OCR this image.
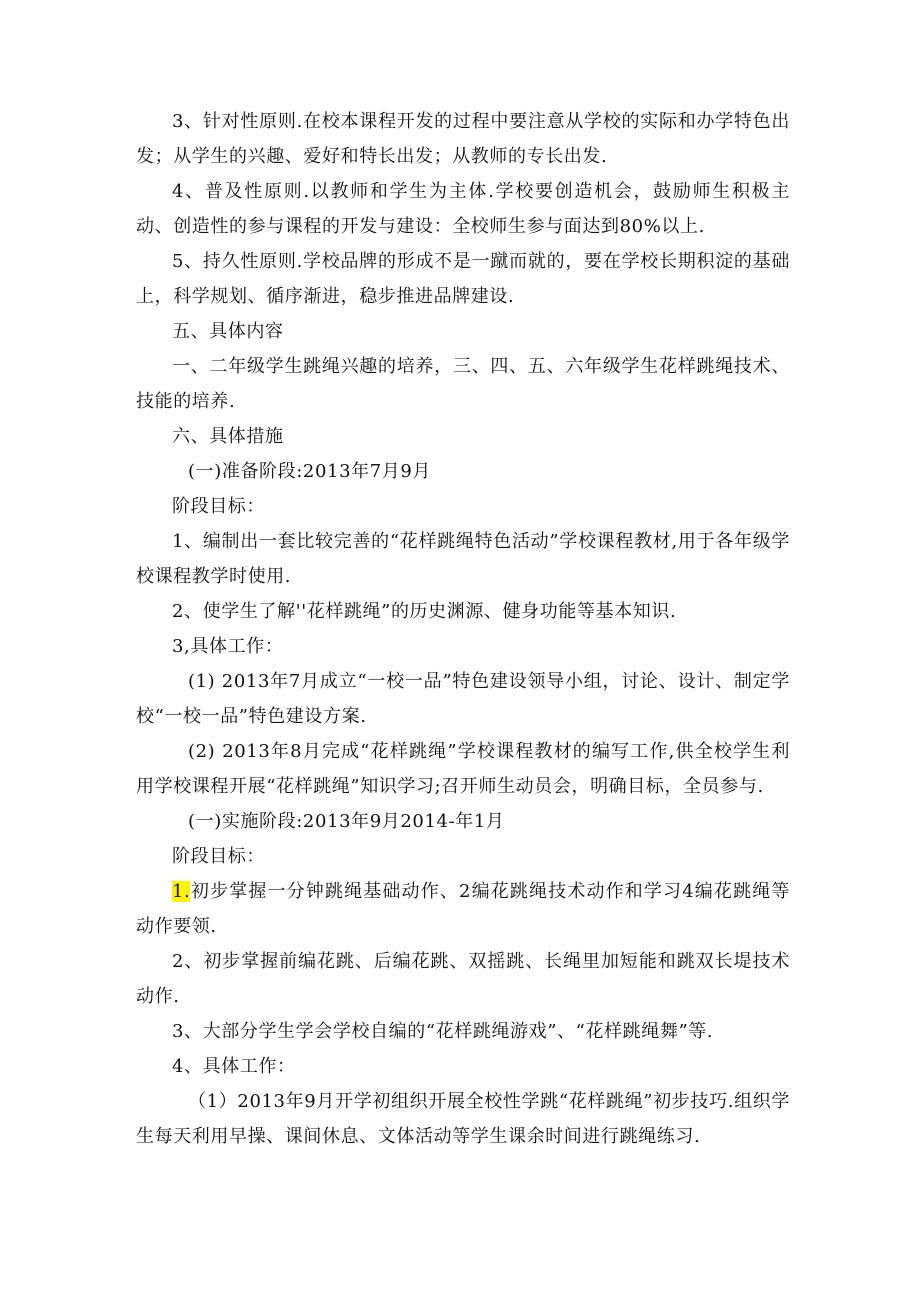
3、针对性原则.在校本课程开发的过程中要注意从学校的实际和办学特色出发；从学生的兴趣、爱好和特长出发；从教师的专长出发.

4、普及性原则.以教师和学生为主体.学校要创造机会，鼓励师生积极主动、创造性的参与课程的开发与建设：全校师生参与面达到80%以上.

5、持久性原则.学校品牌的形成不是一蹴而就的，要在学校长期积淀的基础上，科学规划、循序渐进，稳步推进品牌建设.

五、具体内容

一、二年级学生跳绳兴趣的培养，三、四、五、六年级学生花样跳绳技术、技能的培养.

六、具体措施

(一)准备阶段:2013年7月9月

阶段目标：

1、编制出一套比较完善的“花样跳绳特色活动”学校课程教材,用于各年级学校课程教学时使用.

2、使学生了解''花样跳绳”的历史渊源、健身功能等基本知识.

3,具体工作：

(1) 2013年7月成立“一校一品”特色建设领导小组，讨论、设计、制定学校“一校一品”特色建设方案.

(2) 2013年8月完成“花样跳绳”学校课程教材的编写工作,供全校学生利用学校课程开展“花样跳绳”知识学习;召开师生动员会，明确目标，全员参与.

(一)实施阶段:2013年9月2014-年1月

阶段目标：

1.初步掌握一分钟跳绳基础动作、2编花跳绳技术动作和学习4编花跳绳等动作要领.

2、初步掌握前编花跳、后编花跳、双摇跳、长绳里加短能和跳双长堤技术动作.

3、大部分学生学会学校自编的“花样跳绳游戏”、“花样跳绳舞”等.

4、具体工作：

（1）2013年9月开学初组织开展全校性学跳“花样跳绳”初步技巧.组织学生每天利用早操、课间休息、文体活动等学生课余时间进行跳绳练习.
